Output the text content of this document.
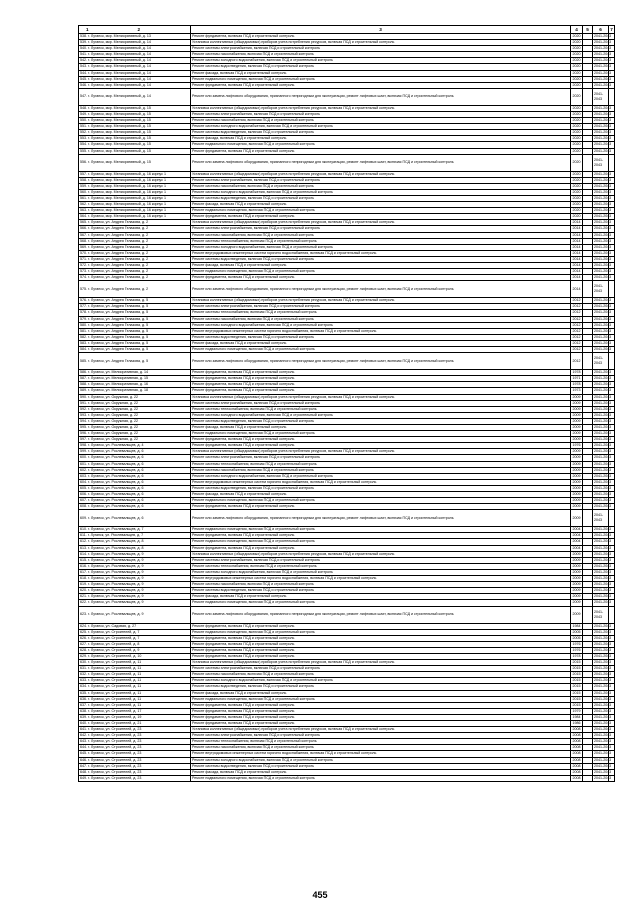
1 2	3	4	5	6	7
538. г. Луганск, мкр. Мелиоративный, д. 13	Ремонт фундамента, включая ПСД и строительный контроль	2020		2041-2043	
539. г. Луганск, мкр. Мелиоративный, д. 14	Установка коллективных (общедомовых) приборов учета потребления ресурсов, включая ПСД и строительный контроль	2020		2041-2043	
540. г. Луганск, мкр. Мелиоративный, д. 14	Ремонт системы электроснабжения, включая ПСД и строительный контроль	2020		2041-2043	
541. г. Луганск, мкр. Мелиоративный, д. 14	Ремонт системы газоснабжения, включая ПСД и строительный контроль	2020		2041-2043	
542. г. Луганск, мкр. Мелиоративный, д. 14	Ремонт системы холодного водоснабжения, включая ПСД и строительный контроль	2020		2041-2043	
543. г. Луганск, мкр. Мелиоративный, д. 14	Ремонт системы водоотведения, включая ПСД и строительный контроль	2020		2041-2043	
544. г. Луганск, мкр. Мелиоративный, д. 14	Ремонт фасада, включая ПСД и строительный контроль	2020		2041-2043	
545. г. Луганск, мкр. Мелиоративный, д. 14	Ремонт подвального помещения, включая ПСД и строительный контроль	2020		2041-2043	
546. г. Луганск, мкр. Мелиоративный, д. 14	Ремонт фундамента, включая ПСД и строительный контроль	2020		2041-2043	
547. г. Луганск, мкр. Мелиоративный, д. 14	Ремонт или замена лифтового оборудования, признанного непригодным для эксплуатации, ремонт лифтовых шахт, включая ПСД и строительный контроль	2020		2041-2043	
548. г. Луганск, мкр. Мелиоративный, д. 15	Установка коллективных (общедомовых) приборов учета потребления ресурсов, включая ПСД и строительный контроль	2020		2041-2043	
549. г. Луганск, мкр. Мелиоративный, д. 15	Ремонт системы электроснабжения, включая ПСД и строительный контроль	2020		2041-2043	
550. г. Луганск, мкр. Мелиоративный, д. 15	Ремонт системы газоснабжения, включая ПСД и строительный контроль	2020		2041-2043	
551. г. Луганск, мкр. Мелиоративный, д. 15	Ремонт системы холодного водоснабжения, включая ПСД и строительный контроль	2020		2041-2043	
552. г. Луганск, мкр. Мелиоративный, д. 15	Ремонт системы водоотведения, включая ПСД и строительный контроль	2020		2041-2043	
553. г. Луганск, мкр. Мелиоративный, д. 15	Ремонт фасада, включая ПСД и строительный контроль	2020		2041-2043	
554. г. Луганск, мкр. Мелиоративный, д. 15	Ремонт подвального помещения, включая ПСД и строительный контроль	2020		2041-2043	
555. г. Луганск, мкр. Мелиоративный, д. 15	Ремонт фундамента, включая ПСД и строительный контроль	2020		2041-2043	
556. г. Луганск, мкр. Мелиоративный, д. 15	Ремонт или замена лифтового оборудования, признанного непригодным для эксплуатации, ремонт лифтовых шахт, включая ПСД и строительный контроль	2020		2041-2043	
557. г. Луганск, мкр. Мелиоративный, д. 16 корпус 1	Установка коллективных (общедомовых) приборов учета потребления ресурсов, включая ПСД и строительный контроль	2020		2041-2043	
558. г. Луганск, мкр. Мелиоративный, д. 16 корпус 1	Ремонт системы электроснабжения, включая ПСД и строительный контроль	2020		2041-2043	
559. г. Луганск, мкр. Мелиоративный, д. 16 корпус 1	Ремонт системы газоснабжения, включая ПСД и строительный контроль	2020		2041-2043	
560. г. Луганск, мкр. Мелиоративный, д. 16 корпус 1	Ремонт системы холодного водоснабжения, включая ПСД и строительный контроль	2020		2041-2043	
561. г. Луганск, мкр. Мелиоративный, д. 16 корпус 1	Ремонт системы водоотведения, включая ПСД и строительный контроль	2020		2041-2043	
562. г. Луганск, мкр. Мелиоративный, д. 16 корпус 1	Ремонт фасада, включая ПСД и строительный контроль	2020		2041-2043	
563. г. Луганск, мкр. Мелиоративный, д. 16 корпус 1	Ремонт подвального помещения, включая ПСД и строительный контроль	2020		2041-2043	
564. г. Луганск, мкр. Мелиоративный, д. 16 корпус 1	Ремонт фундамента, включая ПСД и строительный контроль	2020		2041-2043	
565. г. Луганск, ул. Андрея Гелазова, д. 2	Установка коллективных (общедомовых) приборов учета потребления ресурсов, включая ПСД и строительный контроль	2014		2041-2043	
566. г. Луганск, ул. Андрея Гелазова, д. 2	Ремонт системы электроснабжения, включая ПСД и строительный контроль	2014		2041-2043	
567. г. Луганск, ул. Андрея Гелазова, д. 2	Ремонт системы газоснабжения, включая ПСД и строительный контроль	2014		2041-2043	
568. г. Луганск, ул. Андрея Гелазова, д. 2	Ремонт системы теплоснабжения, включая ПСД и строительный контроль	2014		2041-2043	
569. г. Луганск, ул. Андрея Гелазова, д. 2	Ремонт системы холодного водоснабжения, включая ПСД и строительный контроль	2014		2041-2043	
570. г. Луганск, ул. Андрея Гелазова, д. 2	Ремонт внутридомовых инженерных систем горячего водоснабжения, включая ПСД и строительный контроль	2014		2041-2043	
571. г. Луганск, ул. Андрея Гелазова, д. 2	Ремонт системы водоотведения, включая ПСД и строительный контроль	2014		2041-2043	
572. г. Луганск, ул. Андрея Гелазова, д. 2	Ремонт фасада, включая ПСД и строительный контроль	2014		2041-2043	
573. г. Луганск, ул. Андрея Гелазова, д. 2	Ремонт подвального помещения, включая ПСД и строительный контроль	2014		2041-2043	
574. г. Луганск, ул. Андрея Гелазова, д. 2	Ремонт фундамента, включая ПСД и строительный контроль	2014		2041-2043	
575. г. Луганск, ул. Андрея Гелазова, д. 2	Ремонт или замена лифтового оборудования, признанного непригодным для эксплуатации, ремонт лифтовых шахт, включая ПСД и строительный контроль	2014		2041-2043	
576. г. Луганск, ул. Андрея Гелазова, д. 5	Установка коллективных (общедомовых) приборов учета потребления ресурсов, включая ПСД и строительный контроль	2012		2041-2043	
577. г. Луганск, ул. Андрея Гелазова, д. 5	Ремонт системы электроснабжения, включая ПСД и строительный контроль	2012		2041-2043	
578. г. Луганск, ул. Андрея Гелазова, д. 5	Ремонт системы теплоснабжения, включая ПСД и строительный контроль	2012		2041-2043	
579. г. Луганск, ул. Андрея Гелазова, д. 5	Ремонт системы газоснабжения, включая ПСД и строительный контроль	2012		2041-2043	
580. г. Луганск, ул. Андрея Гелазова, д. 5	Ремонт системы холодного водоснабжения, включая ПСД и строительный контроль	2012		2041-2043	
581. г. Луганск, ул. Андрея Гелазова, д. 5	Ремонт внутридомовых инженерных систем горячего водоснабжения, включая ПСД и строительный контроль	2012		2041-2043	
582. г. Луганск, ул. Андрея Гелазова, д. 5	Ремонт системы водоотведения, включая ПСД и строительный контроль	2012		2041-2043	
583. г. Луганск, ул. Андрея Гелазова, д. 5	Ремонт фасада, включая ПСД и строительный контроль	2012		2041-2043	
584. г. Луганск, ул. Андрея Гелазова, д. 5	Ремонт подвального помещения, включая ПСД и строительный контроль	2012		2041-2043	
585. г. Луганск, ул. Андрея Гелазова, д. 5	Ремонт или замена лифтового оборудования, признанного непригодным для эксплуатации, ремонт лифтовых шахт, включая ПСД и строительный контроль	2012		2041-2043	
586. г. Луганск, ул. Мелиоративная, д. 14	Ремонт фундамента, включая ПСД и строительный контроль	1978		2041-2043	
587. г. Луганск, ул. Мелиоративная, д. 15	Ремонт фундамента, включая ПСД и строительный контроль	1971		2041-2043	
588. г. Луганск, ул. Мелиоративная, д. 16	Ремонт фундамента, включая ПСД и строительный контроль	1978		2041-2043	
589. г. Луганск, ул. Мелиоративная, д. 18	Ремонт фундамента, включая ПСД и строительный контроль	1973		2041-2043	
590. г. Луганск, ул. Окружная, д. 22	Установка коллективных (общедомовых) приборов учета потребления ресурсов, включая ПСД и строительный контроль	2009		2041-2043	
591. г. Луганск, ул. Окружная, д. 22	Ремонт системы электроснабжения, включая ПСД и строительный контроль	2009		2041-2043	
592. г. Луганск, ул. Окружная, д. 22	Ремонт системы теплоснабжения, включая ПСД и строительный контроль	2009		2041-2043	
593. г. Луганск, ул. Окружная, д. 22	Ремонт системы холодного водоснабжения, включая ПСД и строительный контроль	2009		2041-2043	
594. г. Луганск, ул. Окружная, д. 22	Ремонт системы водоотведения, включая ПСД и строительный контроль	2009		2041-2043	
595. г. Луганск, ул. Окружная, д. 22	Ремонт фасада, включая ПСД и строительный контроль	2009		2041-2043	
596. г. Луганск, ул. Окружная, д. 22	Ремонт подвального помещения, включая ПСД и строительный контроль	2009		2041-2043	
597. г. Луганск, ул. Окружная, д. 22	Ремонт фундамента, включая ПСД и строительный контроль	2009		2041-2043	
598. г. Луганск, ул. Рослевальцев, д. 4	Ремонт фундамента, включая ПСД и строительный контроль	1976		2041-2043	
599. г. Луганск, ул. Рослевальцев, д. 6	Установка коллективных (общедомовых) приборов учета потребления ресурсов, включая ПСД и строительный контроль	2009		2041-2043	
600. г. Луганск, ул. Рослевальцев, д. 6	Ремонт системы электроснабжения, включая ПСД и строительный контроль	2009		2041-2043	
601. г. Луганск, ул. Рослевальцев, д. 6	Ремонт системы теплоснабжения, включая ПСД и строительный контроль	2009		2041-2043	
602. г. Луганск, ул. Рослевальцев, д. 6	Ремонт системы газоснабжения, включая ПСД и строительный контроль	2009		2041-2043	
603. г. Луганск, ул. Рослевальцев, д. 6	Ремонт системы холодного водоснабжения, включая ПСД и строительный контроль	2009		2041-2043	
604. г. Луганск, ул. Рослевальцев, д. 6	Ремонт внутридомовых инженерных систем горячего водоснабжения, включая ПСД и строительный контроль	2009		2041-2043	
605. г. Луганск, ул. Рослевальцев, д. 6	Ремонт системы водоотведения, включая ПСД и строительный контроль	2009		2041-2043	
606. г. Луганск, ул. Рослевальцев, д. 6	Ремонт фасада, включая ПСД и строительный контроль	2009		2041-2043	
607. г. Луганск, ул. Рослевальцев, д. 6	Ремонт подвального помещения, включая ПСД и строительный контроль	2009		2041-2043	
608. г. Луганск, ул. Рослевальцев, д. 6	Ремонт фундамента, включая ПСД и строительный контроль	2009		2041-2043	
609. г. Луганск, ул. Рослевальцев, д. 6	Ремонт или замена лифтового оборудования, признанного непригодным для эксплуатации, ремонт лифтовых шахт, включая ПСД и строительный контроль	2009		2041-2043	
610. г. Луганск, ул. Рослевальцев, д. 7	Ремонт подвального помещения, включая ПСД и строительный контроль	2004		2041-2043	
611. г. Луганск, ул. Рослевальцев, д. 7	Ремонт фундамента, включая ПСД и строительный контроль	2004		2041-2043	
612. г. Луганск, ул. Рослевальцев, д. 8	Ремонт подвального помещения, включая ПСД и строительный контроль	2004		2041-2043	
613. г. Луганск, ул. Рослевальцев, д. 8	Ремонт фундамента, включая ПСД и строительный контроль	2004		2041-2043	
614. г. Луганск, ул. Рослевальцев, д. 9	Установка коллективных (общедомовых) приборов учета потребления ресурсов, включая ПСД и строительный контроль	2009		2041-2043	
615. г. Луганск, ул. Рослевальцев, д. 9	Ремонт системы электроснабжения, включая ПСД и строительный контроль	2009		2041-2043	
616. г. Луганск, ул. Рослевальцев, д. 9	Ремонт системы теплоснабжения, включая ПСД и строительный контроль	2009		2041-2043	
617. г. Луганск, ул. Рослевальцев, д. 9	Ремонт системы холодного водоснабжения, включая ПСД и строительный контроль	2009		2041-2043	
618. г. Луганск, ул. Рослевальцев, д. 9	Ремонт внутридомовых инженерных систем горячего водоснабжения, включая ПСД и строительный контроль	2009		2041-2043	
619. г. Луганск, ул. Рослевальцев, д. 9	Ремонт системы газоснабжения, включая ПСД и строительный контроль	2009		2041-2043	
620. г. Луганск, ул. Рослевальцев, д. 9	Ремонт системы водоотведения, включая ПСД и строительный контроль	2009		2041-2043	
621. г. Луганск, ул. Рослевальцев, д. 9	Ремонт фасада, включая ПСД и строительный контроль	2009		2041-2043	
622. г. Луганск, ул. Рослевальцев, д. 9	Ремонт подвального помещения, включая ПСД и строительный контроль	2009		2041-2043	
623. г. Луганск, ул. Рослевальцев, д. 9	Ремонт или замена лифтового оборудования, признанного непригодным для эксплуатации, ремонт лифтовых шахт, включая ПСД и строительный контроль	2009		2041-2043	
624. г. Луганск, ул. Садовая, д. 27	Ремонт фундамента, включая ПСД и строительный контроль	1984		2041-2043	
625. г. Луганск, ул. Строителей, д. 7	Ремонт подвального помещения, включая ПСД и строительный контроль	2005		2041-2043	
626. г. Луганск, ул. Строителей, д. 7	Ремонт фундамента, включая ПСД и строительный контроль	2005		2041-2043	
627. г. Луганск, ул. Строителей, д. 8	Ремонт фундамента, включая ПСД и строительный контроль	1976		2041-2043	
628. г. Луганск, ул. Строителей, д. 9	Ремонт фундамента, включая ПСД и строительный контроль	1976		2041-2043	
629. г. Луганск, ул. Строителей, д. 10	Ремонт фундамента, включая ПСД и строительный контроль	1978		2041-2043	
630. г. Луганск, ул. Строителей, д. 11	Установка коллективных (общедомовых) приборов учета потребления ресурсов, включая ПСД и строительный контроль	2015		2041-2043	
631. г. Луганск, ул. Строителей, д. 11	Ремонт системы электроснабжения, включая ПСД и строительный контроль	2015		2041-2043	
632. г. Луганск, ул. Строителей, д. 11	Ремонт системы газоснабжения, включая ПСД и строительный контроль	2015		2041-2043	
633. г. Луганск, ул. Строителей, д. 11	Ремонт системы холодного водоснабжения, включая ПСД и строительный контроль	2015		2041-2043	
634. г. Луганск, ул. Строителей, д. 11	Ремонт системы водоотведения, включая ПСД и строительный контроль	2015		2041-2043	
635. г. Луганск, ул. Строителей, д. 11	Ремонт фасада, включая ПСД и строительный контроль	2015		2041-2043	
636. г. Луганск, ул. Строителей, д. 11	Ремонт подвального помещения, включая ПСД и строительный контроль	2015		2041-2043	
637. г. Луганск, ул. Строителей, д. 11	Ремонт фундамента, включая ПСД и строительный контроль	2015		2041-2043	
638. г. Луганск, ул. Строителей, д. 17	Ремонт фундамента, включая ПСД и строительный контроль	1979		2041-2043	
639. г. Луганск, ул. Строителей, д. 19	Ремонт фундамента, включая ПСД и строительный контроль	1984		2041-2043	
640. г. Луганск, ул. Строителей, д. 21	Ремонт фундамента, включая ПСД и строительный контроль	1986		2041-2043	
641. г. Луганск, ул. Строителей, д. 23	Установка коллективных (общедомовых) приборов учета потребления ресурсов, включая ПСД и строительный контроль	2008		2041-2043	
642. г. Луганск, ул. Строителей, д. 23	Ремонт системы электроснабжения, включая ПСД и строительный контроль	2008		2041-2043	
643. г. Луганск, ул. Строителей, д. 23	Ремонт системы теплоснабжения, включая ПСД и строительный контроль	2008		2041-2043	
644. г. Луганск, ул. Строителей, д. 23	Ремонт системы газоснабжения, включая ПСД и строительный контроль	2008		2041-2043	
645. г. Луганск, ул. Строителей, д. 23	Ремонт внутридомовых инженерных систем горячего водоснабжения, включая ПСД и строительный контроль	2008		2041-2043	
646. г. Луганск, ул. Строителей, д. 23	Ремонт системы холодного водоснабжения, включая ПСД и строительный контроль	2008		2041-2043	
647. г. Луганск, ул. Строителей, д. 23	Ремонт системы водоотведения, включая ПСД и строительный контроль	2008		2041-2043	
648. г. Луганск, ул. Строителей, д. 23	Ремонт фасада, включая ПСД и строительный контроль	2008		2041-2043	
649. г. Луганск, ул. Строителей, д. 23	Ремонт подвального помещения, включая ПСД и строительный контроль	2008		2041-2043	
455
